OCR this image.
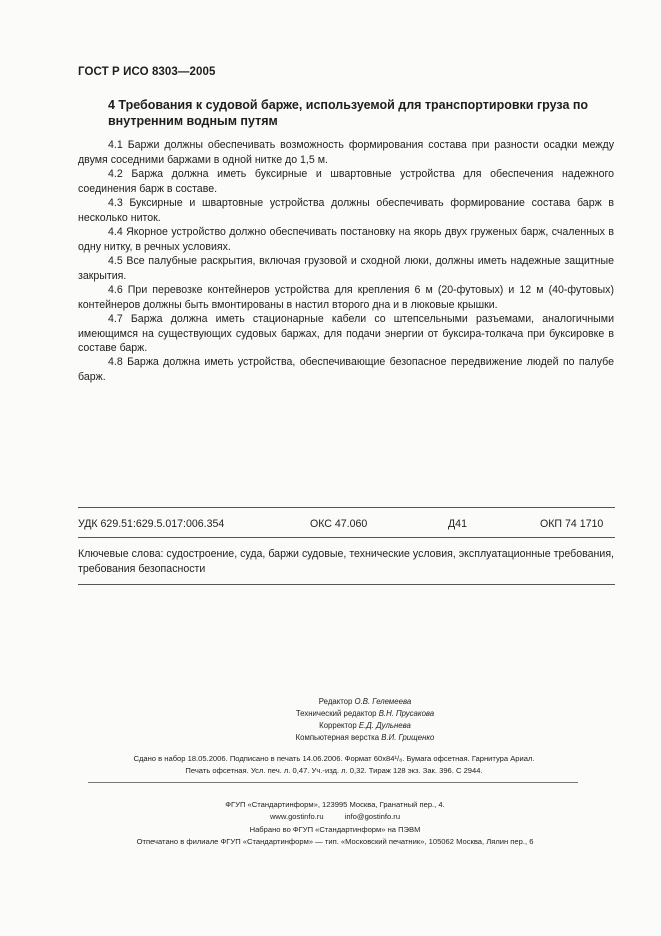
ГОСТ Р ИСО 8303—2005
4 Требования к судовой барже, используемой для транспортировки груза по внутренним водным путям
4.1 Баржи должны обеспечивать возможность формирования состава при разности осадки между двумя соседними баржами в одной нитке до 1,5 м.
4.2 Баржа должна иметь буксирные и швартовные устройства для обеспечения надежного соединения барж в составе.
4.3 Буксирные и швартовные устройства должны обеспечивать формирование состава барж в несколько ниток.
4.4 Якорное устройство должно обеспечивать постановку на якорь двух груженых барж, счаленных в одну нитку, в речных условиях.
4.5 Все палубные раскрытия, включая грузовой и сходной люки, должны иметь надежные защитные закрытия.
4.6 При перевозке контейнеров устройства для крепления 6 м (20-футовых) и 12 м (40-футовых) контейнеров должны быть вмонтированы в настил второго дна и в люковые крышки.
4.7 Баржа должна иметь стационарные кабели со штепсельными разъемами, аналогичными имеющимся на существующих судовых баржах, для подачи энергии от буксира-толкача при буксировке в составе барж.
4.8 Баржа должна иметь устройства, обеспечивающие безопасное передвижение людей по палубе барж.
УДК 629.51:629.5.017:006.354	ОКС 47.060	Д41	ОКП 74 1710
Ключевые слова: судостроение, суда, баржи судовые, технические условия, эксплуатационные требования, требования безопасности
Редактор О.В. Гелемеева
Технический редактор В.Н. Прусакова
Корректор Е.Д. Дульнева
Компьютерная верстка В.И. Грищенко
Сдано в набор 18.05.2006. Подписано в печать 14.06.2006. Формат 60x84¹/₈. Бумага офсетная. Гарнитура Ариал.
Печать офсетная. Усл. печ. л. 0,47. Уч.-изд. л. 0,32. Тираж 128 экз. Зак. 396. С 2944.
ФГУП «Стандартинформ», 123995 Москва, Гранатный пер., 4.
www.gostinfo.ru          info@gostinfo.ru
Набрано во ФГУП «Стандартинформ» на ПЭВМ
Отпечатано в филиале ФГУП «Стандартинформ» — тип. «Московский печатник», 105062 Москва, Лялин пер., 6
